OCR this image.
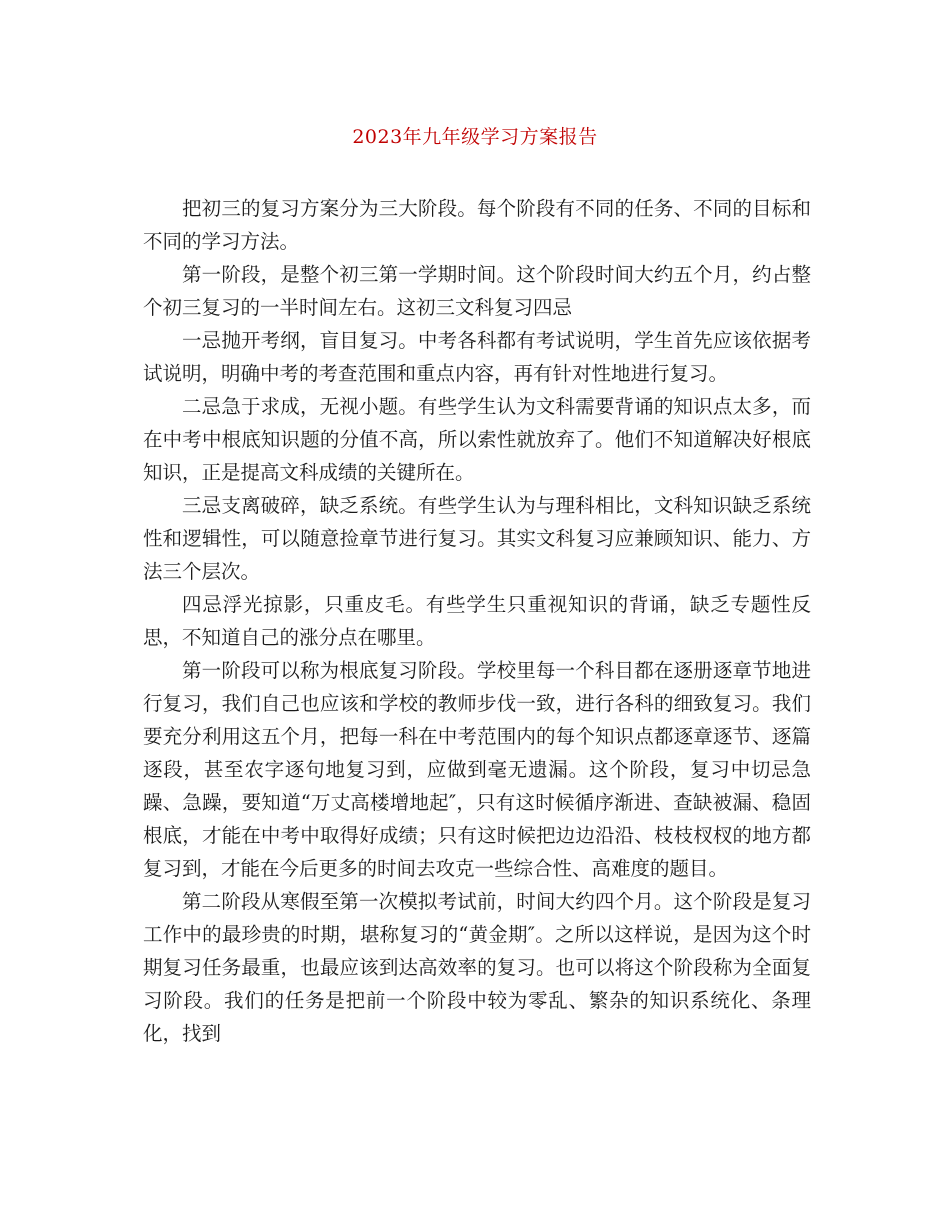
2023年九年级学习方案报告

把初三的复习方案分为三大阶段。每个阶段有不同的任务、不同的目标和不同的学习方法。

第一阶段，是整个初三第一学期时间。这个阶段时间大约五个月，约占整个初三复习的一半时间左右。这初三文科复习四忌

一忌抛开考纲，盲目复习。中考各科都有考试说明，学生首先应该依据考试说明，明确中考的考查范围和重点内容，再有针对性地进行复习。

二忌急于求成，无视小题。有些学生认为文科需要背诵的知识点太多，而在中考中根底知识题的分值不高，所以索性就放弃了。他们不知道解决好根底知识，正是提高文科成绩的关键所在。

三忌支离破碎，缺乏系统。有些学生认为与理科相比，文科知识缺乏系统性和逻辑性，可以随意捡章节进行复习。其实文科复习应兼顾知识、能力、方法三个层次。

四忌浮光掠影，只重皮毛。有些学生只重视知识的背诵，缺乏专题性反思，不知道自己的涨分点在哪里。

第一阶段可以称为根底复习阶段。学校里每一个科目都在逐册逐章节地进行复习，我们自己也应该和学校的教师步伐一致，进行各科的细致复习。我们要充分利用这五个月，把每一科在中考范围内的每个知识点都逐章逐节、逐篇逐段，甚至农字逐句地复习到，应做到毫无遗漏。这个阶段，复习中切忌急躁、急躁，要知道“万丈高楼增地起″，只有这时候循序渐进、查缺被漏、稳固根底，才能在中考中取得好成绩；只有这时候把边边沿沿、枝枝杈杈的地方都复习到，才能在今后更多的时间去攻克一些综合性、高难度的题目。

第二阶段从寒假至第一次模拟考试前，时间大约四个月。这个阶段是复习工作中的最珍贵的时期，堪称复习的“黄金期″。之所以这样说，是因为这个时期复习任务最重，也最应该到达高效率的复习。也可以将这个阶段称为全面复习阶段。我们的任务是把前一个阶段中较为零乱、繁杂的知识系统化、条理化，找到
